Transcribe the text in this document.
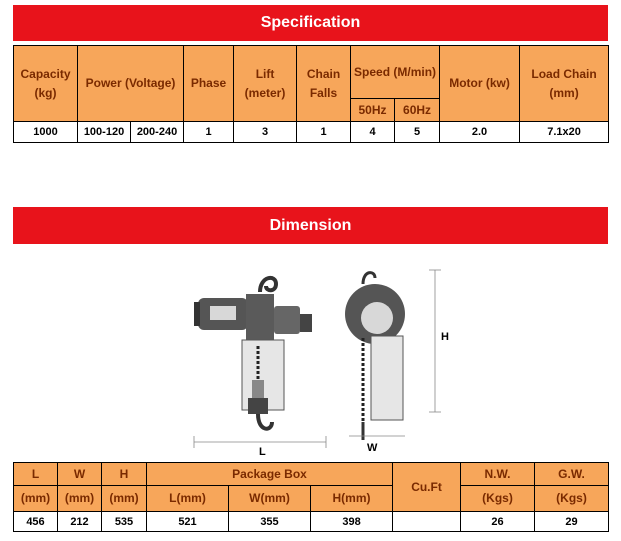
Specification
Capacity (kg)	Power (Voltage)		Phase	Lift (meter)	Chain Falls	Speed (M/min)		Motor (kw)	Load Chain (mm)
						50Hz	60Hz		
1000	100-120	200-240	1	3	1	4	5	2.0	7.1x20
Dimension
L
H
W
L	W	H	Package Box			Cu.Ft	N.W.	G.W.
(mm)	(mm)	(mm)	L(mm)	W(mm)	H(mm)		(Kgs)	(Kgs)
456	212	535	521	355	398		26	29
